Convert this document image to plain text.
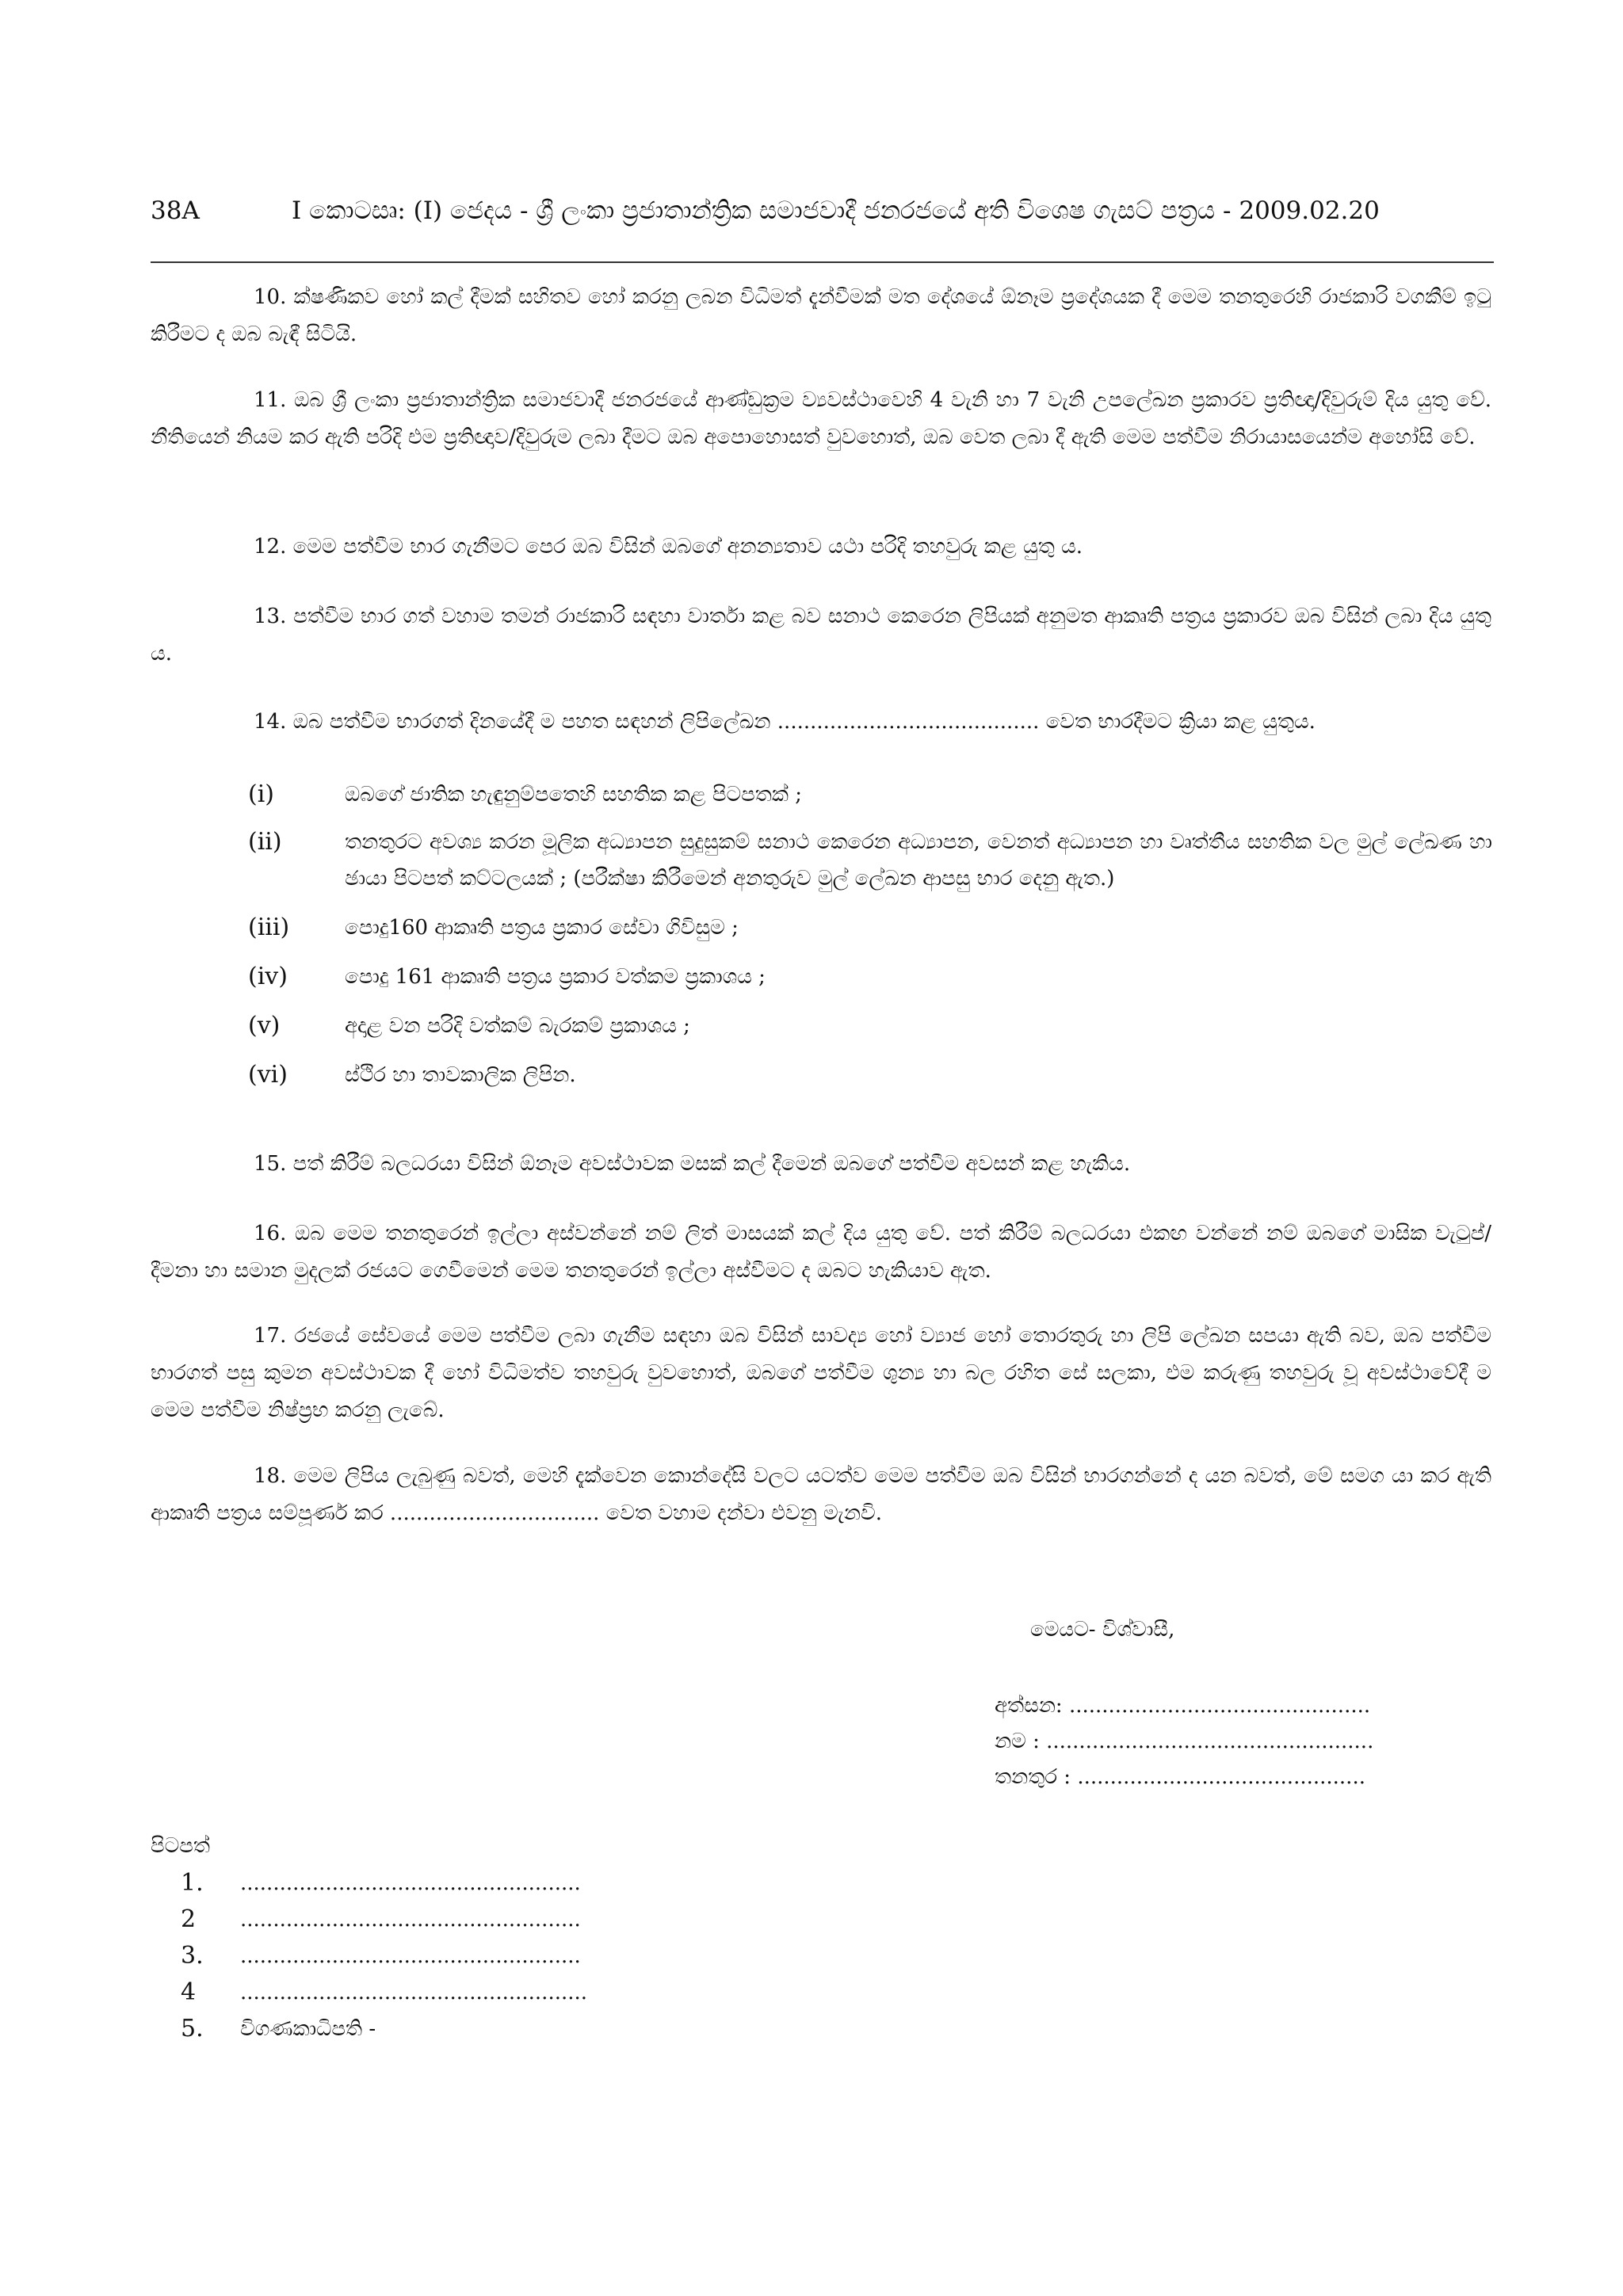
38A	I කොටසෘ: (I) ජෙදය - ශ්‍රී ලංකා ප්‍රජාතාන්ත්‍රික සමාජවාදී ජනරජයේ අති විශෙෂ ගැසට් පත්‍රය - 2009.02.20
10. ක්ෂණිකව හෝ කල් දීමක් සහිතව හෝ කරනු ලබන විධිමත් දැන්වීමක් මත දේශයේ ඕනෑම ප්‍රදේශයක දී මෙම තනතුරෙහි රාජකාරි වගකීම් ඉටු කිරීමට ද ඔබ බැඳී සිටියි.
11. ඔබ ශ්‍රී ලංකා ප්‍රජාතාන්ත්‍රික සමාජවාදී ජනරජයේ ආණ්ඩුක්‍රම ව්‍යවස්ථාවෙහි 4 වැනි හා 7 වැනි උපලේඛන ප්‍රකාරව ප්‍රතිඥා/දිවුරුම් දිය යුතු වේ. නීතියෙන් නියම කර ඇති පරිදි එම ප්‍රතිඥාව/දිවුරුම ලබා දීමට ඔබ අපොහොසත් වුවහොත්, ඔබ වෙත ලබා දී ඇති මෙම පත්වීම නිරායාසයෙන්ම අහෝසි වේ.
12. මෙම පත්වීම භාර ගැනීමට පෙර ඔබ විසින් ඔබගේ අනන්‍යතාව යථා පරිදි තහවුරු කළ යුතු ය.
13. පත්වීම භාර ගත් වහාම තමන් රාජකාරි සඳහා වාර්තා කළ බව සනාථ කෙරෙන ලිපියක් අනුමත ආකෘති පත්‍රය ප්‍රකාරව ඔබ විසින් ලබා දිය යුතු ය.
14. ඔබ පත්වීම භාරගත් දිනයේදී ම පහත සඳහන් ලිපිලේඛන ........................................ වෙත භාරදීමට ක්‍රියා කළ යුතුය.
(i)	ඔබගේ ජාතික හැඳුනුම්පතෙහි සහතික කළ පිටපතක් ;
(ii)	තනතුරට අවශ්‍ය කරන මූලික අධ්‍යාපන සුදුසුකම් සනාථ කෙරෙන අධ්‍යාපන, වෙනත් අධ්‍යාපන හා වෘත්තීය සහතික වල මුල් ලේඛණ හා ඡායා පිටපත් කට්ටලයක් ; (පරීක්ෂා කිරීමෙන් අනතුරුව මුල් ලේඛන ආපසු භාර දෙනු ඇත.)
(iii)	පොදු160 ආකෘති පත්‍රය ප්‍රකාර සේවා ගිවිසුම ;
(iv)	පොදු 161 ආකෘති පත්‍රය ප්‍රකාර වත්කම ප්‍රකාශය ;
(v)	අදාළ වන පරිදි වත්කම් බැරකම් ප්‍රකාශය ;
(vi)	ස්ථිර හා තාවකාලික ලිපින.
15. පත් කිරීම් බලධරයා විසින් ඕනෑම අවස්ථාවක මසක් කල් දීමෙන් ඔබගේ පත්වීම අවසන් කළ හැකිය.
16. ඔබ මෙම තනතුරෙන් ඉල්ලා අස්වන්නේ නම් ලිත් මාසයක් කල් දිය යුතු වේ. පත් කිරීම් බලධරයා එකඟ වන්නේ නම් ඔබගේ මාසික වැටුප්/දීමනා හා සමාන මුදලක් රජයට ගෙවීමෙන් මෙම තනතුරෙන් ඉල්ලා අස්වීමට ද ඔබට හැකියාව ඇත.
17. රජයේ සේවයේ මෙම පත්වීම ලබා ගැනීම සඳහා ඔබ විසින් සාවද්‍ය හෝ ව්‍යාජ හෝ තොරතුරු හා ලිපි ලේඛන සපයා ඇති බව, ඔබ පත්වීම භාරගත් පසු කුමන අවස්ථාවක දී හෝ විධිමත්ව තහවුරු වුවහොත්, ඔබගේ පත්වීම ශුන්‍ය හා බල රහිත සේ සලකා, එම කරුණු තහවුරු වූ අවස්ථාවේදී ම මෙම පත්වීම නිෂ්ප්‍රභ කරනු ලැබේ.
18. මෙම ලිපිය ලැබුණු බවත්, මෙහි දැක්වෙන කොන්දේසි වලට යටත්ව මෙම පත්වීම ඔබ විසින් භාරගන්නේ ද යන බවත්, මේ සමග යා කර ඇති ආකෘති පත්‍රය සම්පූර්ණ කර ................................ වෙත වහාම දන්වා එවනු මැනවි.
මෙයට- විශ්වාසී,
අත්සන: ..............................................
නම : ..................................................
තනතුර : ............................................
පිටපත්
1. ....................................................
2 ....................................................
3. ....................................................
4 .....................................................
5. විගණකාධිපති -
